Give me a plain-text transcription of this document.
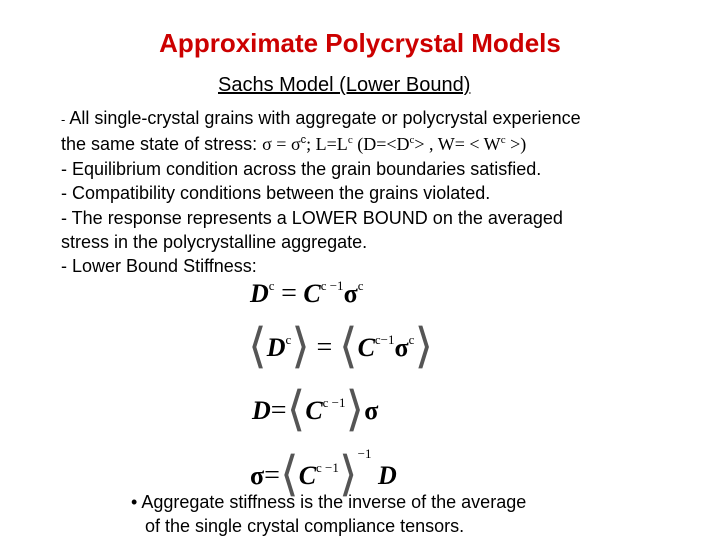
Approximate Polycrystal Models
Sachs Model (Lower Bound)
- All single-crystal grains with aggregate or polycrystal experience
the same state of stress: $\sigma = \sigma^c$; $L=L^c$ ($D=<D^c>$ , $W= < W^c$ >)
- Equilibrium condition across the grain boundaries satisfied.
- Compatibility conditions between the grains violated.
- The response represents a LOWER BOUND on the averaged
stress in the polycrystalline aggregate.
- Lower Bound Stiffness:
$D^c = C^{c -1}\sigma^c$
$⟨D^c⟩$ = $⟨C^{c-1}\sigma^c⟩$
$D=⟨C^{c -1}⟩\sigma$
$\sigma=⟨C^{c -1}⟩^{-1}$ D
• Aggregate stiffness is the inverse of the average
of the single crystal compliance tensors.
